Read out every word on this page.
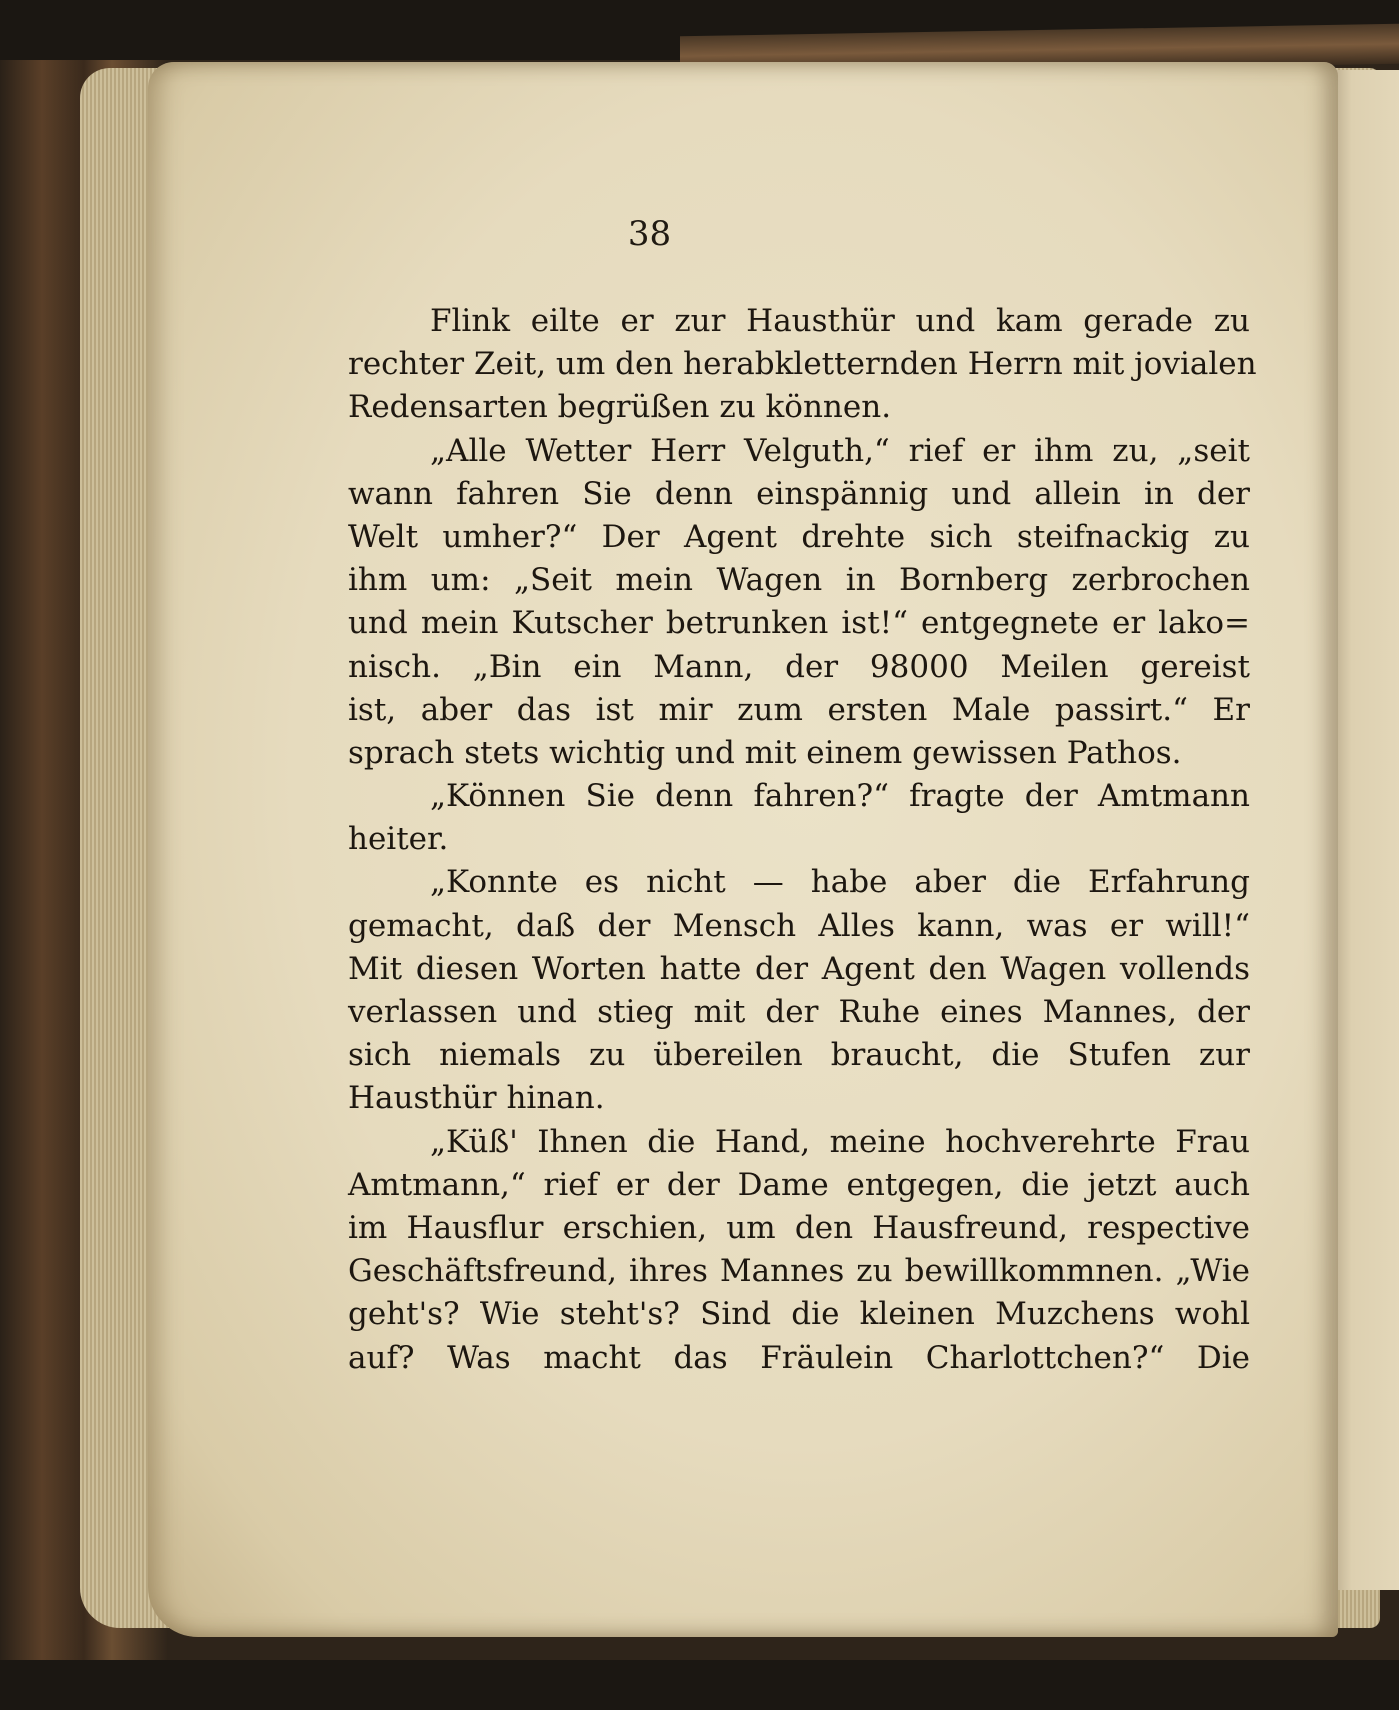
38
Flink eilte er zur Hausthür und kam gerade zu
rechter Zeit, um den herabkletternden Herrn mit jovialen
Redensarten begrüßen zu können.
„Alle Wetter Herr Velguth,“ rief er ihm zu, „seit
wann fahren Sie denn einspännig und allein in der
Welt umher?“ Der Agent drehte sich steifnackig zu
ihm um: „Seit mein Wagen in Bornberg zerbrochen
und mein Kutscher betrunken ist!“ entgegnete er lako=
nisch. „Bin ein Mann, der 98000 Meilen gereist
ist, aber das ist mir zum ersten Male passirt.“ Er
sprach stets wichtig und mit einem gewissen Pathos.
„Können Sie denn fahren?“ fragte der Amtmann
heiter.
„Konnte es nicht — habe aber die Erfahrung
gemacht, daß der Mensch Alles kann, was er will!“
Mit diesen Worten hatte der Agent den Wagen vollends
verlassen und stieg mit der Ruhe eines Mannes, der
sich niemals zu übereilen braucht, die Stufen zur
Hausthür hinan.
„Küß' Ihnen die Hand, meine hochverehrte Frau
Amtmann,“ rief er der Dame entgegen, die jetzt auch
im Hausflur erschien, um den Hausfreund, respective
Geschäftsfreund, ihres Mannes zu bewillkommnen. „Wie
geht's? Wie steht's? Sind die kleinen Muzchens wohl
auf? Was macht das Fräulein Charlottchen?“ Die
